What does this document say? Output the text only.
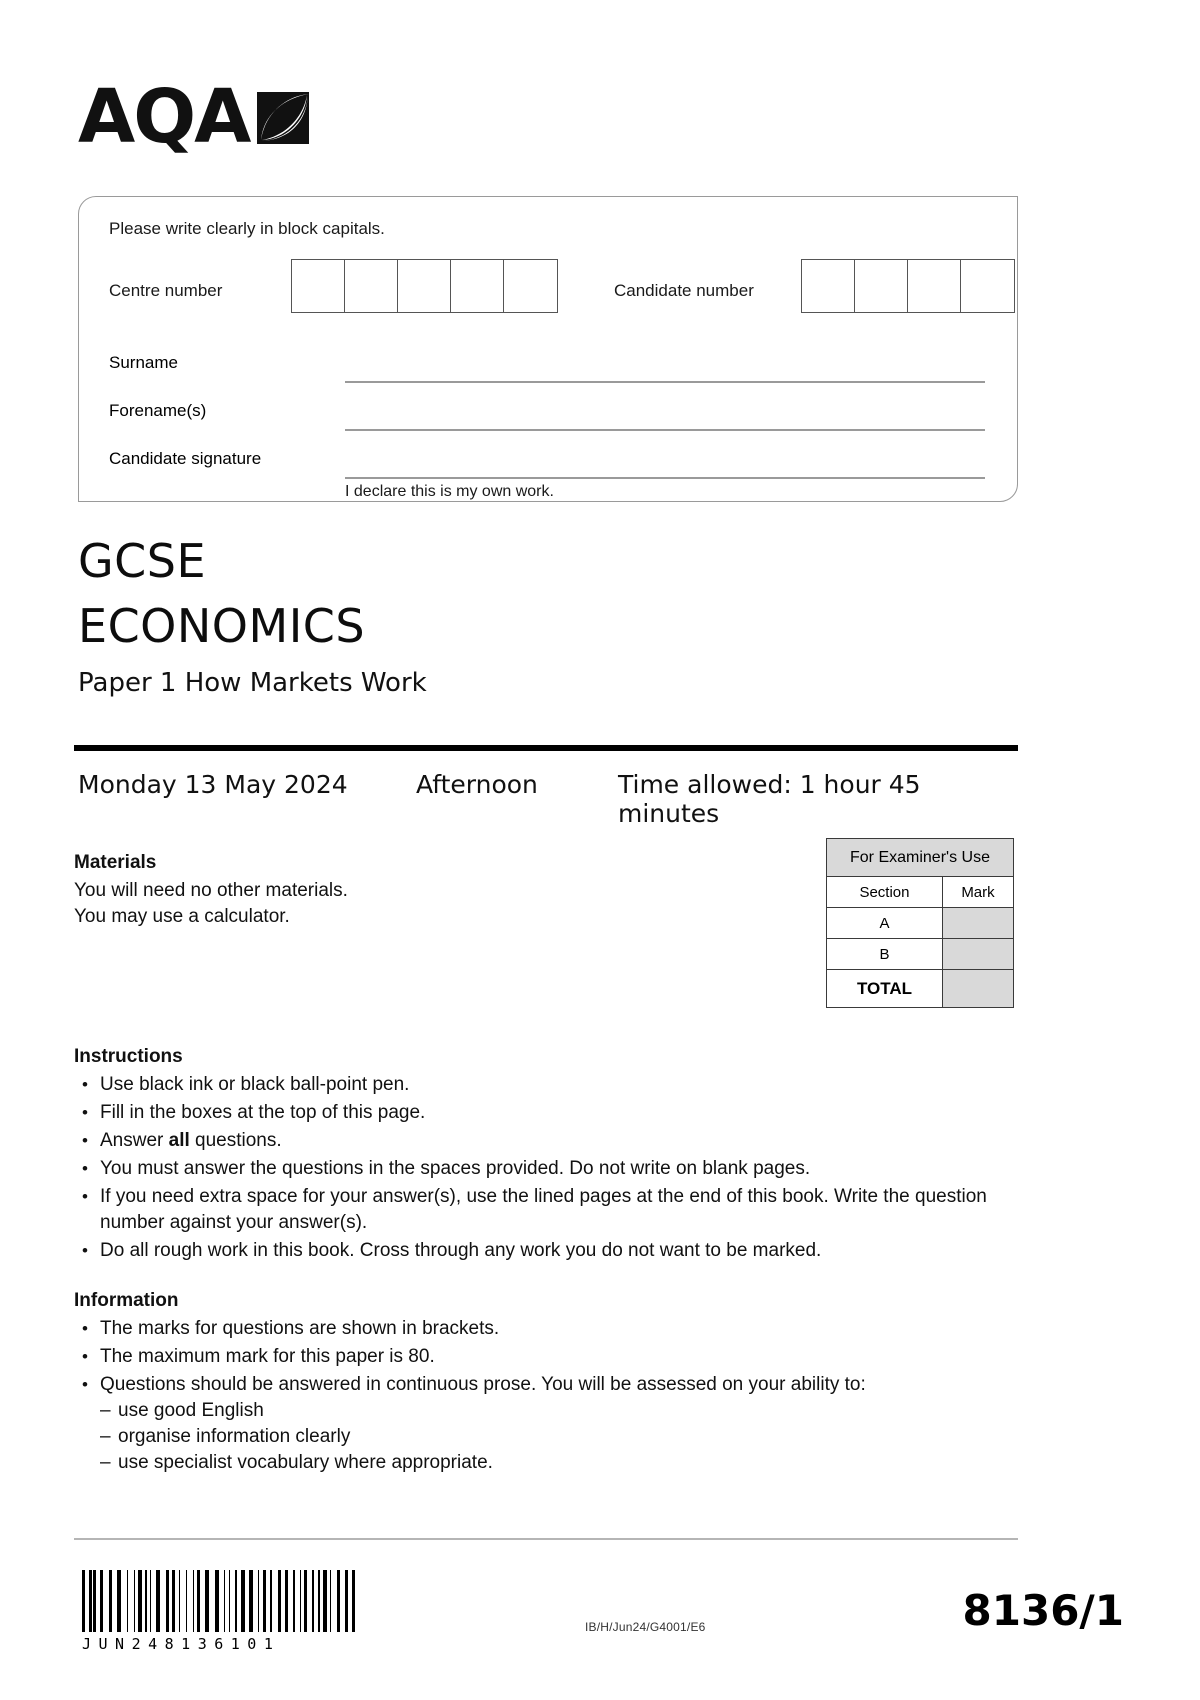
AQA
Please write clearly in block capitals.
Centre number	Candidate number
Surname
Forename(s)
Candidate signature
I declare this is my own work.
GCSE
ECONOMICS
Paper 1 How Markets Work
Monday 13 May 2024	Afternoon	Time allowed: 1 hour 45 minutes
For Examiner's Use	
Section	Mark
A	
B	
TOTAL	
Materials

You will need no other materials.

You may use a calculator.

Instructions
• Use black ink or black ball-point pen.
• Fill in the boxes at the top of this page.
• Answer all questions.
• You must answer the questions in the spaces provided. Do not write on blank pages.
• If you need extra space for your answer(s), use the lined pages at the end of this book. Write the question number against your answer(s).
• Do all rough work in this book. Cross through any work you do not want to be marked.
Information
• The marks for questions are shown in brackets.
• The maximum mark for this paper is 80.
• Questions should be answered in continuous prose. You will be assessed on your ability to:
– use good English
– organise information clearly
– use specialist vocabulary where appropriate.
JUN248136101
IB/H/Jun24/G4001/E6	8136/1
